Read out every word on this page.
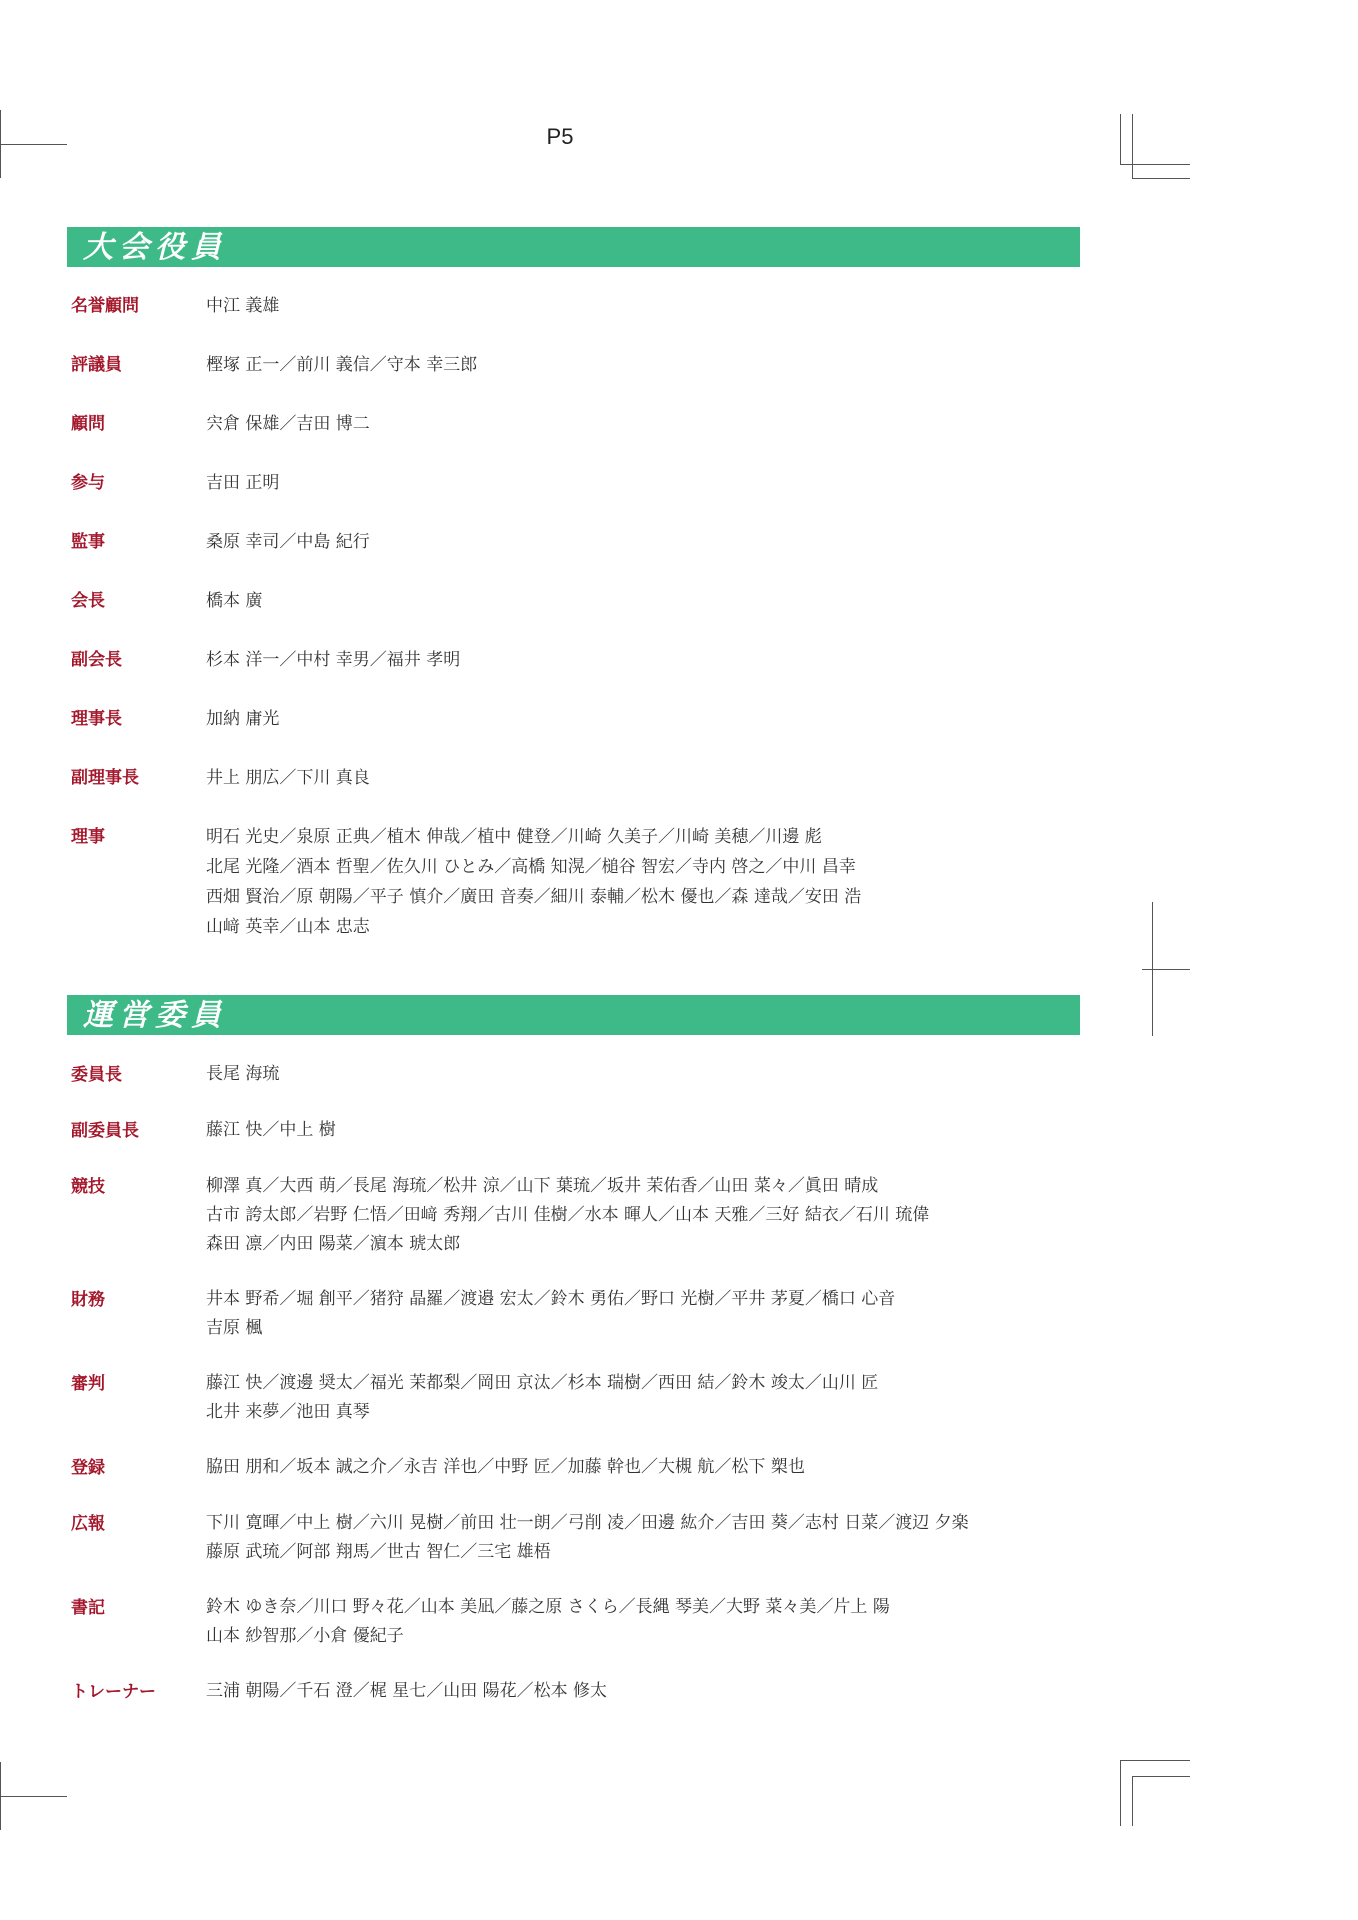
P5
大会役員
名誉顧問	中江 義雄
評議員	樫塚 正一／前川 義信／守本 幸三郎
顧問	宍倉 保雄／吉田 博二
参与	吉田 正明
監事	桑原 幸司／中島 紀行
会長	橋本 廣
副会長	杉本 洋一／中村 幸男／福井 孝明
理事長	加納 庸光
副理事長	井上 朋広／下川 真良
理事	明石 光史／泉原 正典／植木 伸哉／植中 健登／川崎 久美子／川崎 美穂／川邊 彪
北尾 光隆／酒本 哲聖／佐久川 ひとみ／高橋 知滉／槌谷 智宏／寺内 啓之／中川 昌幸
西畑 賢治／原 朝陽／平子 慎介／廣田 音奏／細川 泰輔／松木 優也／森 達哉／安田 浩
山﨑 英幸／山本 忠志
運営委員
委員長	長尾 海琉
副委員長	藤江 快／中上 樹
競技	柳澤 真／大西 萌／長尾 海琉／松井 涼／山下 葉琉／坂井 茉佑香／山田 菜々／眞田 晴成
古市 誇太郎／岩野 仁悟／田﨑 秀翔／古川 佳樹／水本 暉人／山本 天雅／三好 結衣／石川 琉偉
森田 凛／内田 陽菜／濵本 琥太郎
財務	井本 野希／堀 創平／猪狩 晶羅／渡邉 宏太／鈴木 勇佑／野口 光樹／平井 茅夏／橋口 心音
吉原 楓
審判	藤江 快／渡邊 奨太／福光 茉都梨／岡田 京汰／杉本 瑞樹／西田 結／鈴木 竣太／山川 匠
北井 来夢／池田 真琴
登録	脇田 朋和／坂本 誠之介／永吉 洋也／中野 匠／加藤 幹也／大槻 航／松下 槊也
広報	下川 寛暉／中上 樹／六川 晃樹／前田 壮一朗／弓削 凌／田邊 紘介／吉田 葵／志村 日菜／渡辺 夕楽
藤原 武琉／阿部 翔馬／世古 智仁／三宅 雄梧
書記	鈴木 ゆき奈／川口 野々花／山本 美凪／藤之原 さくら／長縄 琴美／大野 菜々美／片上 陽
山本 紗智那／小倉 優紀子
トレーナー	三浦 朝陽／千石 澄／梶 星七／山田 陽花／松本 修太
